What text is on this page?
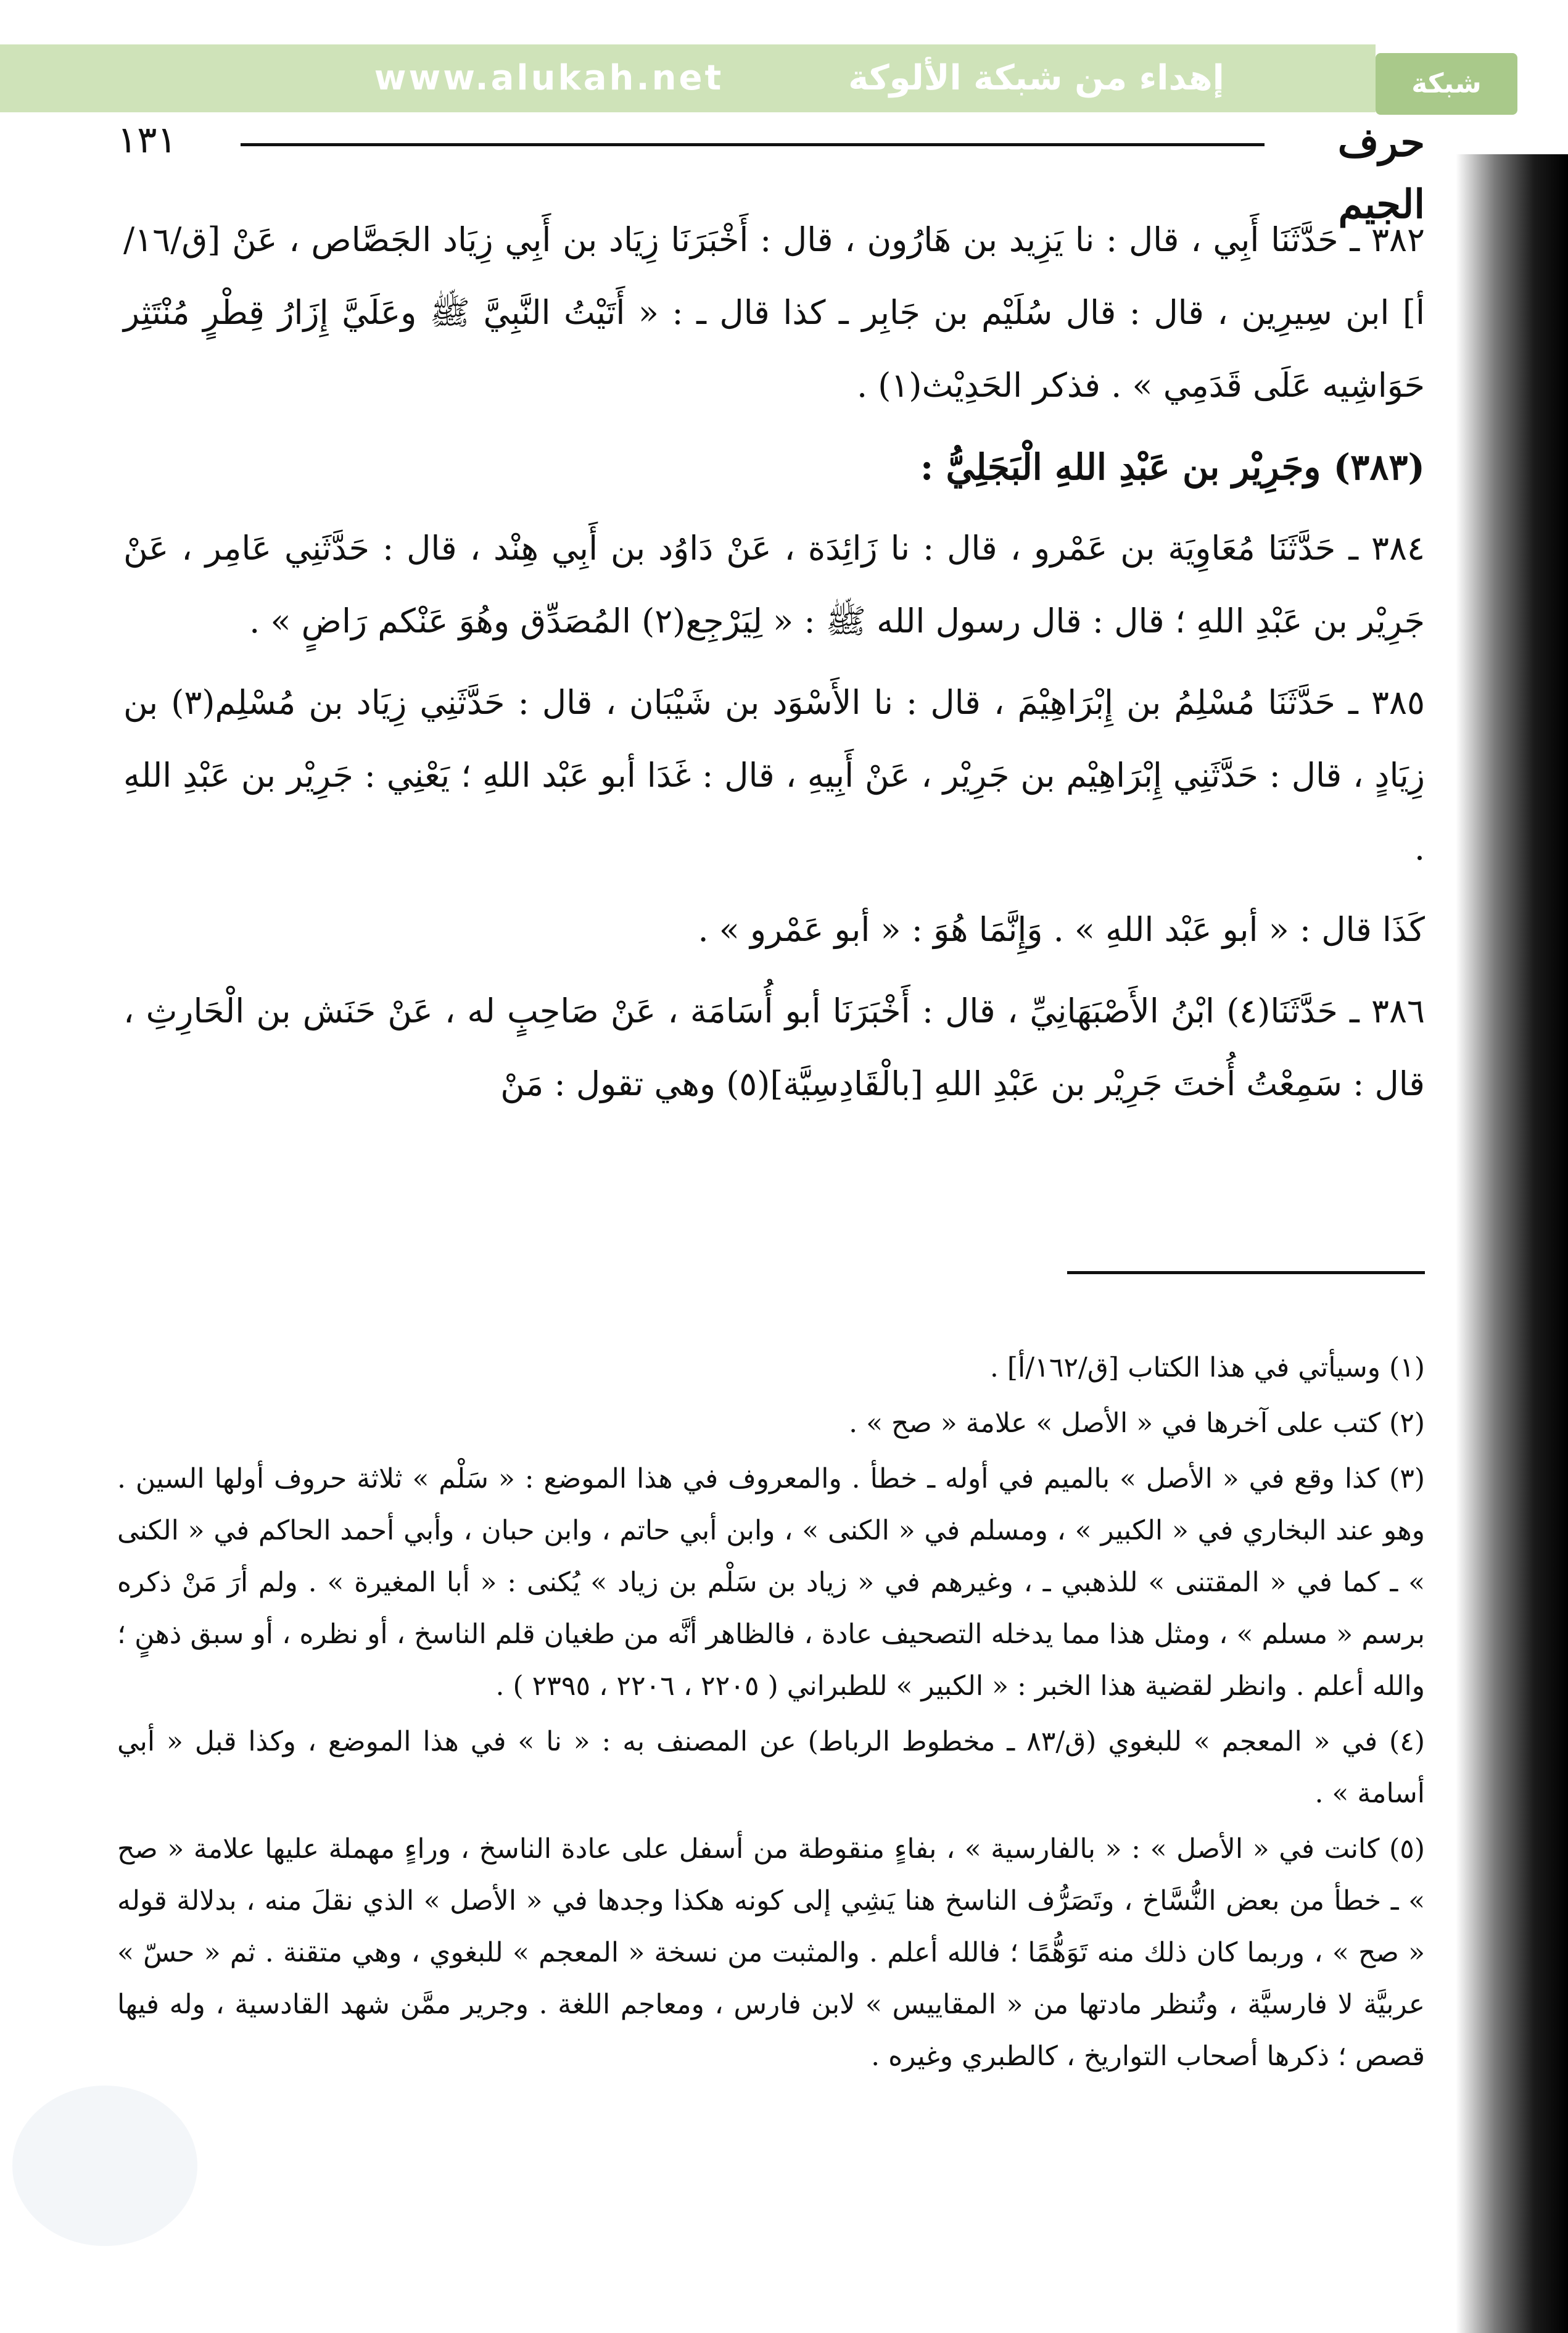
www.alukah.net	إهداء من شبكة الألوكة	شبكة الألوكة
١٣١	حرف الجيم

٣٨٢ ـ حَدَّثَنَا أَبِي ، قال : نا يَزِيد بن هَارُون ، قال : أَخْبَرَنَا زِيَاد بن أَبِي زِيَاد الجَصَّاص ، عَنْ [ق/١٦/أ] ابن سِيرِين ، قال : قال سُلَيْم بن جَابِر ـ كذا قال ـ : « أَتَيْتُ النَّبِيَّ ﷺ وعَلَيَّ إِزَارُ قِطْرٍ مُنْتَثِر حَوَاشِيه عَلَى قَدَمِي » . فذكر الحَدِيْث(١) .

(٣٨٣) وجَرِيْر بن عَبْدِ اللهِ الْبَجَلِيُّ :

٣٨٤ ـ حَدَّثَنَا مُعَاوِيَة بن عَمْرو ، قال : نا زَائِدَة ، عَنْ دَاوُد بن أَبِي هِنْد ، قال : حَدَّثَنِي عَامِر ، عَنْ جَرِيْر بن عَبْدِ اللهِ ؛ قال : قال رسول الله ﷺ : « لِيَرْجِع(٢) المُصَدِّق وهُوَ عَنْكم رَاضٍ » .

٣٨٥ ـ حَدَّثَنَا مُسْلِمُ بن إِبْرَاهِيْمَ ، قال : نا الأَسْوَد بن شَيْبَان ، قال : حَدَّثَنِي زِيَاد بن مُسْلِم(٣) بن زِيَادٍ ، قال : حَدَّثَنِي إِبْرَاهِيْم بن جَرِيْر ، عَنْ أَبِيهِ ، قال : غَدَا أبو عَبْد اللهِ ؛ يَعْنِي : جَرِيْر بن عَبْدِ اللهِ .

كَذَا قال : « أبو عَبْد اللهِ » . وَإِنَّمَا هُوَ : « أبو عَمْرو » .

٣٨٦ ـ حَدَّثَنَا(٤) ابْنُ الأَصْبَهَانِيِّ ، قال : أَخْبَرَنَا أبو أُسَامَة ، عَنْ صَاحِبٍ له ، عَنْ حَنَش بن الْحَارِثِ ، قال : سَمِعْتُ أُختَ جَرِيْر بن عَبْدِ اللهِ [بالْقَادِسِيَّة](٥) وهي تقول : مَنْ

(١) وسيأتي في هذا الكتاب [ق/١٦٢/أ] .

(٢) كتب على آخرها في « الأصل » علامة « صح » .

(٣) كذا وقع في « الأصل » بالميم في أوله ـ خطأ . والمعروف في هذا الموضع : « سَلْم » ثلاثة حروف أولها السين . وهو عند البخاري في « الكبير » ، ومسلم في « الكنى » ، وابن أبي حاتم ، وابن حبان ، وأبي أحمد الحاكم في « الكنى » ـ كما في « المقتنى » للذهبي ـ ، وغيرهم في « زياد بن سَلْم بن زياد » يُكنى : « أبا المغيرة » . ولم أرَ مَنْ ذكره برسم « مسلم » ، ومثل هذا مما يدخله التصحيف عادة ، فالظاهر أنَّه من طغيان قلم الناسخ ، أو نظره ، أو سبق ذهنٍ ؛ والله أعلم . وانظر لقضية هذا الخبر : « الكبير » للطبراني ( ٢٢٠٥ ، ٢٢٠٦ ، ٢٣٩٥ ) .

(٤) في « المعجم » للبغوي (ق/٨٣ ـ مخطوط الرباط) عن المصنف به : « نا » في هذا الموضع ، وكذا قبل « أبي أسامة » .

(٥) كانت في « الأصل » : « بالفارسية » ، بفاءٍ منقوطة من أسفل على عادة الناسخ ، وراءٍ مهملة عليها علامة « صح » ـ خطأ من بعض النُّسَّاخ ، وتَصَرُّف الناسخ هنا يَشِي إلى كونه هكذا وجدها في « الأصل » الذي نقلَ منه ، بدلالة قوله « صح » ، وربما كان ذلك منه تَوَهُّمًا ؛ فالله أعلم . والمثبت من نسخة « المعجم » للبغوي ، وهي متقنة . ثم « حسّ » عربيَّة لا فارسيَّة ، وتُنظر مادتها من « المقاييس » لابن فارس ، ومعاجم اللغة . وجرير ممَّن شهد القادسية ، وله فيها قصص ؛ ذكرها أصحاب التواريخ ، كالطبري وغيره .
